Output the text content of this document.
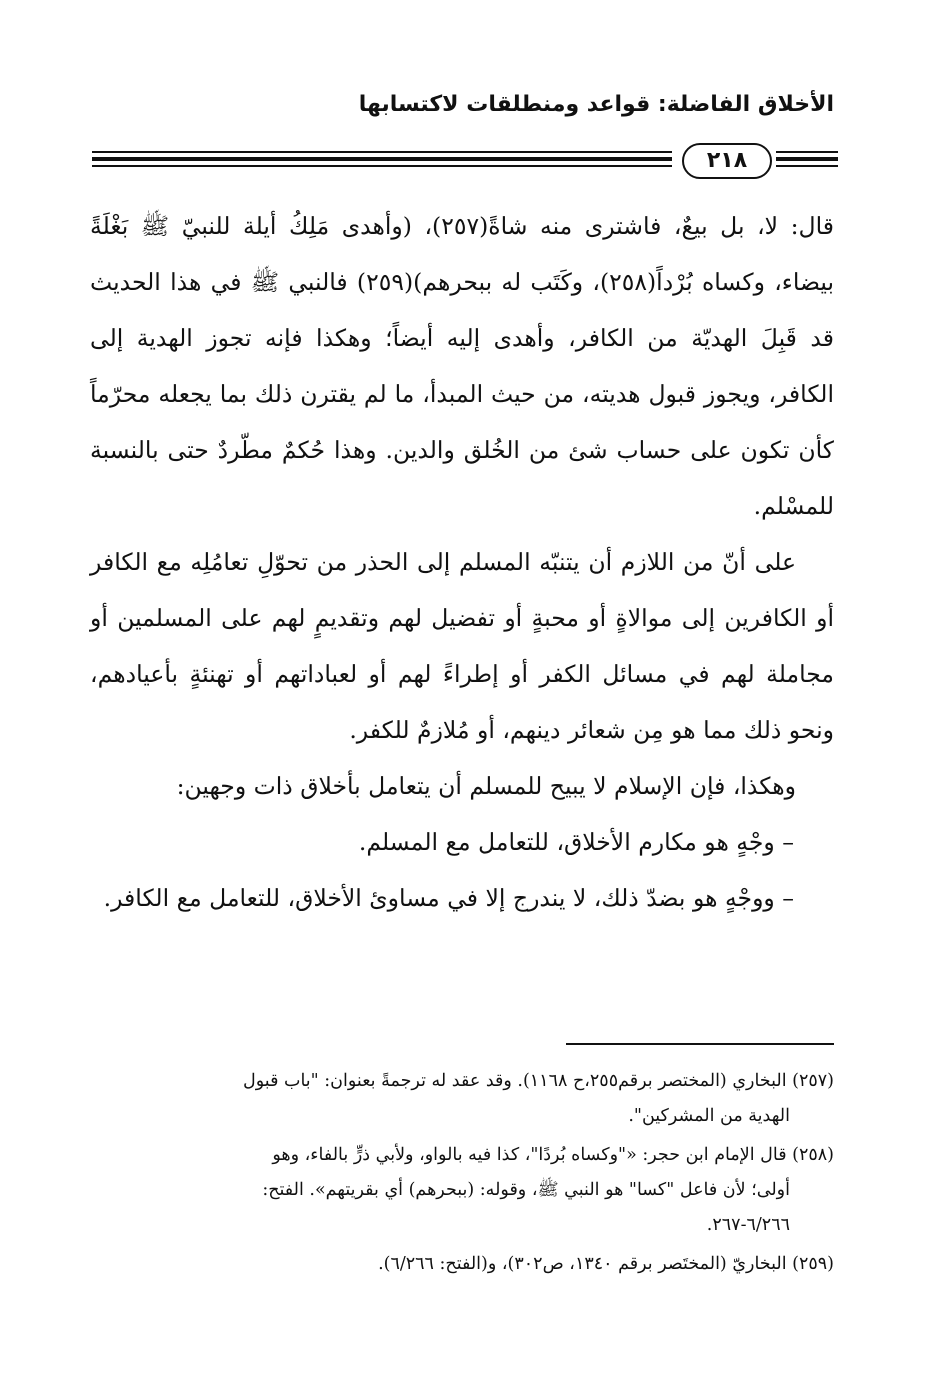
الأخلاق الفاضلة: قواعد ومنطلقات لاكتسابها
٢١٨

قال: لا، بل بيعٌ، فاشترى منه شاةً(٢٥٧)، (وأهدى مَلِكُ أيلة للنبيّ ﷺ بَغْلَةً بيضاء، وكساه بُرْداً(٢٥٨)، وكَتَب له ببحرهم)(٢٥٩) فالنبي ﷺ في هذا الحديث قد قَبِلَ الهديّة من الكافر، وأهدى إليه أيضاً؛ وهكذا فإنه تجوز الهدية إلى الكافر، ويجوز قبول هديته، من حيث المبدأ، ما لم يقترن ذلك بما يجعله محرّماً كأن تكون على حساب شئ من الخُلق والدين. وهذا حُكمٌ مطّردٌ حتى بالنسبة للمسْلم.

على أنّ من اللازم أن يتنبّه المسلم إلى الحذر من تحوّلِ تعامُلِه مع الكافر أو الكافرين إلى موالاةٍ أو محبةٍ أو تفضيل لهم وتقديمٍ لهم على المسلمين أو مجاملة لهم في مسائل الكفر أو إطراءً لهم أو لعباداتهم أو تهنئةٍ بأعيادهم، ونحو ذلك مما هو مِن شعائر دينهم، أو مُلازمٌ للكفر.

وهكذا، فإن الإسلام لا يبيح للمسلم أن يتعامل بأخلاق ذات وجهين:

– وجْهٍ هو مكارم الأخلاق، للتعامل مع المسلم.

– ووجْهٍ هو بضدّ ذلك، لا يندرج إلا في مساوئ الأخلاق، للتعامل مع الكافر.

(٢٥٧) البخاري (المختصر برقم٢٥٥،ح ١١٦٨). وقد عقد له ترجمةً بعنوان: "باب قبول
الهدية من المشركين".

(٢٥٨) قال الإمام ابن حجر: «"وكساه بُردًا"، كذا فيه بالواو، ولأبي ذرٍّ بالفاء، وهو
أولى؛ لأن فاعل "كسا" هو النبي ﷺ، وقوله: (ببحرهم) أي بقريتهم». الفتح:
٦/٢٦٦-٢٦٧.

(٢٥٩) البخاريّ (المختَصر برقم ١٣٤٠، ص٣٠٢)، و(الفتح: ٦/٢٦٦).
